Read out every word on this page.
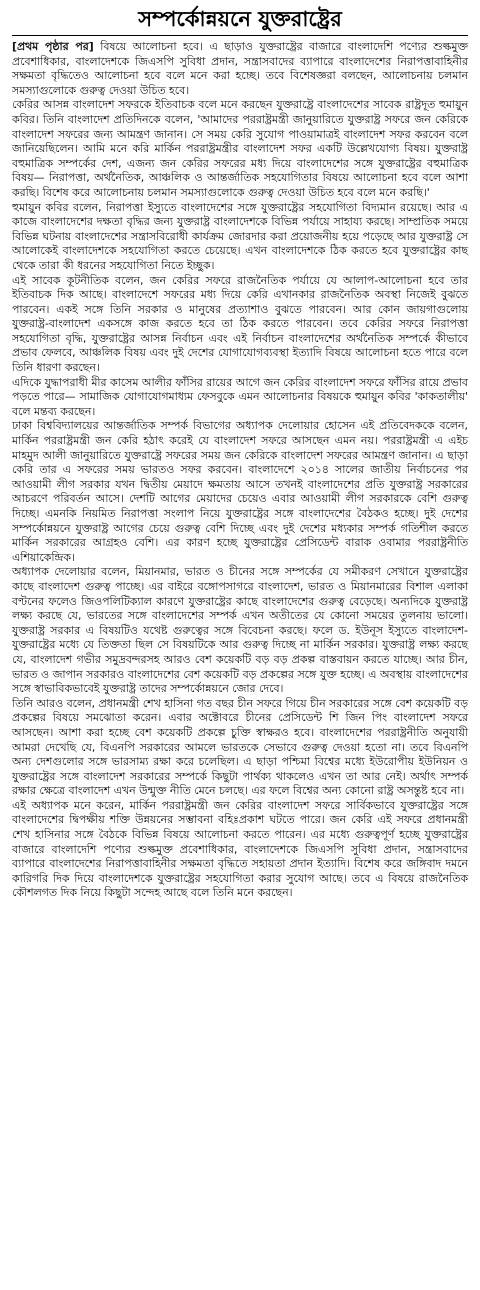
সম্পর্কোন্নয়নে যুক্তরাষ্ট্রের

[প্রথম পৃষ্ঠার পর] বিষয়ে আলোচনা হবে। এ ছাড়াও যুক্তরাষ্ট্রের বাজারে বাংলাদেশি পণ্যের শুল্কমুক্ত প্রবেশাধিকার, বাংলাদেশকে জিএসপি সুবিধা প্রদান, সন্ত্রাসবাদের ব্যাপারে বাংলাদেশের নিরাপত্তাবাহিনীর সক্ষমতা বৃদ্ধিতেও আলোচনা হবে বলে মনে করা হচ্ছে। তবে বিশেষজ্ঞরা বলছেন, আলোচনায় চলমান সমস্যাগুলোকে গুরুত্ব দেওয়া উচিত হবে।

কেরির আসন্ন বাংলাদেশ সফরকে ইতিবাচক বলে মনে করছেন যুক্তরাষ্ট্রে বাংলাদেশের সাবেক রাষ্ট্রদূত হুমায়ুন কবির। তিনি বাংলাদেশ প্রতিদিনকে বলেন, 'আমাদের পররাষ্ট্রমন্ত্রী জানুয়ারিতে যুক্তরাষ্ট্র সফরে জন কেরিকে বাংলাদেশ সফরের জন্য আমন্ত্রণ জানান। সে সময় কেরি সুযোগ পাওয়ামাত্রই বাংলাদেশ সফর করবেন বলে জানিয়েছিলেন। আমি মনে করি মার্কিন পররাষ্ট্রমন্ত্রীর বাংলাদেশ সফর একটি উল্লেখযোগ্য বিষয়। যুক্তরাষ্ট্র বহুমাত্রিক সম্পর্কের দেশ, এজন্য জন কেরির সফরের মধ্য দিয়ে বাংলাদেশের সঙ্গে যুক্তরাষ্ট্রের বহুমাত্রিক বিষয়— নিরাপত্তা, অর্থনৈতিক, আঞ্চলিক ও আন্তর্জাতিক সহযোগিতার বিষয়ে আলোচনা হবে বলে আশা করছি। বিশেষ করে আলোচনায় চলমান সমস্যাগুলোকে গুরুত্ব দেওয়া উচিত হবে বলে মনে করছি।'

হুমায়ুন কবির বলেন, নিরাপত্তা ইস্যুতে বাংলাদেশের সঙ্গে যুক্তরাষ্ট্রের সহযোগিতা বিদ্যমান রয়েছে। আর এ কাজে বাংলাদেশের দক্ষতা বৃদ্ধির জন্য যুক্তরাষ্ট্র বাংলাদেশকে বিভিন্ন পর্যায়ে সাহায্য করছে। সাম্প্রতিক সময়ে বিভিন্ন ঘটনায় বাংলাদেশের সন্ত্রাসবিরোধী কার্যক্রম জোরদার করা প্রয়োজনীয় হয়ে পড়েছে আর যুক্তরাষ্ট্র সে আলোকেই বাংলাদেশকে সহযোগিতা করতে চেয়েছে। এখন বাংলাদেশকে ঠিক করতে হবে যুক্তরাষ্ট্রের কাছ থেকে তারা কী ধরনের সহযোগিতা নিতে ইচ্ছুক।

এই সাবেক কূটনীতিক বলেন, জন কেরির সফরে রাজনৈতিক পর্যায়ে যে আলাপ-আলোচনা হবে তার ইতিবাচক দিক আছে। বাংলাদেশে সফরের মধ্য দিয়ে কেরি এখানকার রাজনৈতিক অবস্থা নিজেই বুঝতে পারবেন। একই সঙ্গে তিনি সরকার ও মানুষের প্রত্যাশাও বুঝতে পারবেন। আর কোন জায়গাগুলোয় যুক্তরাষ্ট্র-বাংলাদেশ একসঙ্গে কাজ করতে হবে তা ঠিক করতে পারবেন। তবে কেরির সফরে নিরাপত্তা সহযোগিতা বৃদ্ধি, যুক্তরাষ্ট্রের আসন্ন নির্বাচন এবং এই নির্বাচন বাংলাদেশের অর্থনৈতিক সম্পর্কে কীভাবে প্রভাব ফেলবে, আঞ্চলিক বিষয় এবং দুই দেশের যোগাযোগব্যবস্থা ইত্যাদি বিষয়ে আলোচনা হতে পারে বলে তিনি ধারণা করছেন।

এদিকে যুদ্ধাপরাধী মীর কাসেম আলীর ফাঁসির রায়ের আগে জন কেরির বাংলাদেশ সফরে ফাঁসির রায়ে প্রভাব পড়তে পারে— সামাজিক যোগাযোগমাধ্যম ফেসবুকে এমন আলোচনার বিষয়কে হুমায়ুন কবির 'কাকতালীয়' বলে মন্তব্য করছেন।

ঢাকা বিশ্ববিদ্যালয়ের আন্তর্জাতিক সম্পর্ক বিভাগের অধ্যাপক দেলোয়ার হোসেন এই প্রতিবেদককে বলেন, মার্কিন পররাষ্ট্রমন্ত্রী জন কেরি হঠাৎ করেই যে বাংলাদেশ সফরে আসছেন এমন নয়। পররাষ্ট্রমন্ত্রী এ এইচ মাহমুদ আলী জানুয়ারিতে যুক্তরাষ্ট্রে সফরের সময় জন কেরিকে বাংলাদেশ সফরের আমন্ত্রণ জানান। এ ছাড়া কেরি তার এ সফরের সময় ভারতও সফর করবেন। বাংলাদেশে ২০১৪ সালের জাতীয় নির্বাচনের পর আওয়ামী লীগ সরকার যখন দ্বিতীয় মেয়াদে ক্ষমতায় আসে তখনই বাংলাদেশের প্রতি যুক্তরাষ্ট্র সরকারের আচরণে পরিবর্তন আসে। দেশটি আগের মেয়াদের চেয়েও এবার আওয়ামী লীগ সরকারকে বেশি গুরুত্ব দিচ্ছে। এমনকি নিয়মিত নিরাপত্তা সংলাপ নিয়ে যুক্তরাষ্ট্রের সঙ্গে বাংলাদেশের বৈঠকও হচ্ছে। দুই দেশের সম্পর্কোন্নয়নে যুক্তরাষ্ট্র আগের চেয়ে গুরুত্ব বেশি দিচ্ছে এবং দুই দেশের মধ্যকার সম্পর্ক গতিশীল করতে মার্কিন সরকারের আগ্রহও বেশি। এর কারণ হচ্ছে যুক্তরাষ্ট্রের প্রেসিডেন্ট বারাক ওবামার পররাষ্ট্রনীতি এশিয়াকেন্দ্রিক।

অধ্যাপক দেলোয়ার বলেন, মিয়ানমার, ভারত ও চীনের সঙ্গে সম্পর্কের যে সমীকরণ সেখানে যুক্তরাষ্ট্রের কাছে বাংলাদেশ গুরুত্ব পাচ্ছে। এর বাইরে বঙ্গোপসাগরে বাংলাদেশ, ভারত ও মিয়ানমারের বিশাল এলাকা বণ্টনের ফলেও জিওপলিটিক্যাল কারণে যুক্তরাষ্ট্রের কাছে বাংলাদেশের গুরুত্ব বেড়েছে। অন্যদিকে যুক্তরাষ্ট্র লক্ষ্য করছে যে, ভারতের সঙ্গে বাংলাদেশের সম্পর্ক এখন অতীতের যে কোনো সময়ের তুলনায় ভালো। যুক্তরাষ্ট্র সরকার এ বিষয়টিও যথেষ্ট গুরুত্বের সঙ্গে বিবেচনা করছে। ফলে ড. ইউনূস ইস্যুতে বাংলাদেশ-যুক্তরাষ্ট্রের মধ্যে যে তিক্ততা ছিল সে বিষয়টিকে আর গুরুত্ব দিচ্ছে না মার্কিন সরকার। যুক্তরাষ্ট্র লক্ষ্য করছে যে, বাংলাদেশ গভীর সমুদ্রবন্দরসহ আরও বেশ কয়েকটি বড় বড় প্রকল্প বাস্তবায়ন করতে যাচ্ছে। আর চীন, ভারত ও জাপান সরকারও বাংলাদেশের বেশ কয়েকটি বড় প্রকল্পের সঙ্গে যুক্ত হচ্ছে। এ অবস্থায় বাংলাদেশের সঙ্গে স্বাভাবিকভাবেই যুক্তরাষ্ট্র তাদের সম্পর্কোন্নয়নে জোর দেবে।

তিনি আরও বলেন, প্রধানমন্ত্রী শেখ হাসিনা গত বছর চীন সফরে গিয়ে চীন সরকারের সঙ্গে বেশ কয়েকটি বড় প্রকল্পের বিষয়ে সমঝোতা করেন। এবার অক্টোবরে চীনের প্রেসিডেন্ট শি জিন পিং বাংলাদেশ সফরে আসছেন। আশা করা হচ্ছে বেশ কয়েকটি প্রকল্পে চুক্তি স্বাক্ষরও হবে। বাংলাদেশের পররাষ্ট্রনীতি অনুযায়ী আমরা দেখেছি যে, বিএনপি সরকারের আমলে ভারতকে সেভাবে গুরুত্ব দেওয়া হতো না। তবে বিএনপি অন্য দেশগুলোর সঙ্গে ভারসাম্য রক্ষা করে চলেছিল। এ ছাড়া পশ্চিমা বিশ্বের মধ্যে ইউরোপীয় ইউনিয়ন ও যুক্তরাষ্ট্রের সঙ্গে বাংলাদেশ সরকারের সম্পর্কে কিছুটা পার্থক্য থাকলেও এখন তা আর নেই। অর্থাৎ সম্পর্ক রক্ষার ক্ষেত্রে বাংলাদেশ এখন উন্মুক্ত নীতি মেনে চলছে। এর ফলে বিশ্বের অন্য কোনো রাষ্ট্র অসন্তুষ্ট হবে না।

এই অধ্যাপক মনে করেন, মার্কিন পররাষ্ট্রমন্ত্রী জন কেরির বাংলাদেশ সফরে সার্বিকভাবে যুক্তরাষ্ট্রের সঙ্গে বাংলাদেশের দ্বিপক্ষীয় শক্তি উন্নয়নের সম্ভাবনা বহিঃপ্রকাশ ঘটতে পারে। জন কেরি এই সফরে প্রধানমন্ত্রী শেখ হাসিনার সঙ্গে বৈঠকে বিভিন্ন বিষয়ে আলোচনা করতে পারেন। এর মধ্যে গুরুত্বপূর্ণ হচ্ছে যুক্তরাষ্ট্রের বাজারে বাংলাদেশি পণ্যের শুল্কমুক্ত প্রবেশাধিকার, বাংলাদেশকে জিএসপি সুবিধা প্রদান, সন্ত্রাসবাদের ব্যাপারে বাংলাদেশের নিরাপত্তাবাহিনীর সক্ষমতা বৃদ্ধিতে সহায়তা প্রদান ইত্যাদি। বিশেষ করে জঙ্গিবাদ দমনে কারিগরি দিক দিয়ে বাংলাদেশকে যুক্তরাষ্ট্রের সহযোগিতা করার সুযোগ আছে। তবে এ বিষয়ে রাজনৈতিক কৌশলগত দিক নিয়ে কিছুটা সন্দেহ আছে বলে তিনি মনে করছেন।
